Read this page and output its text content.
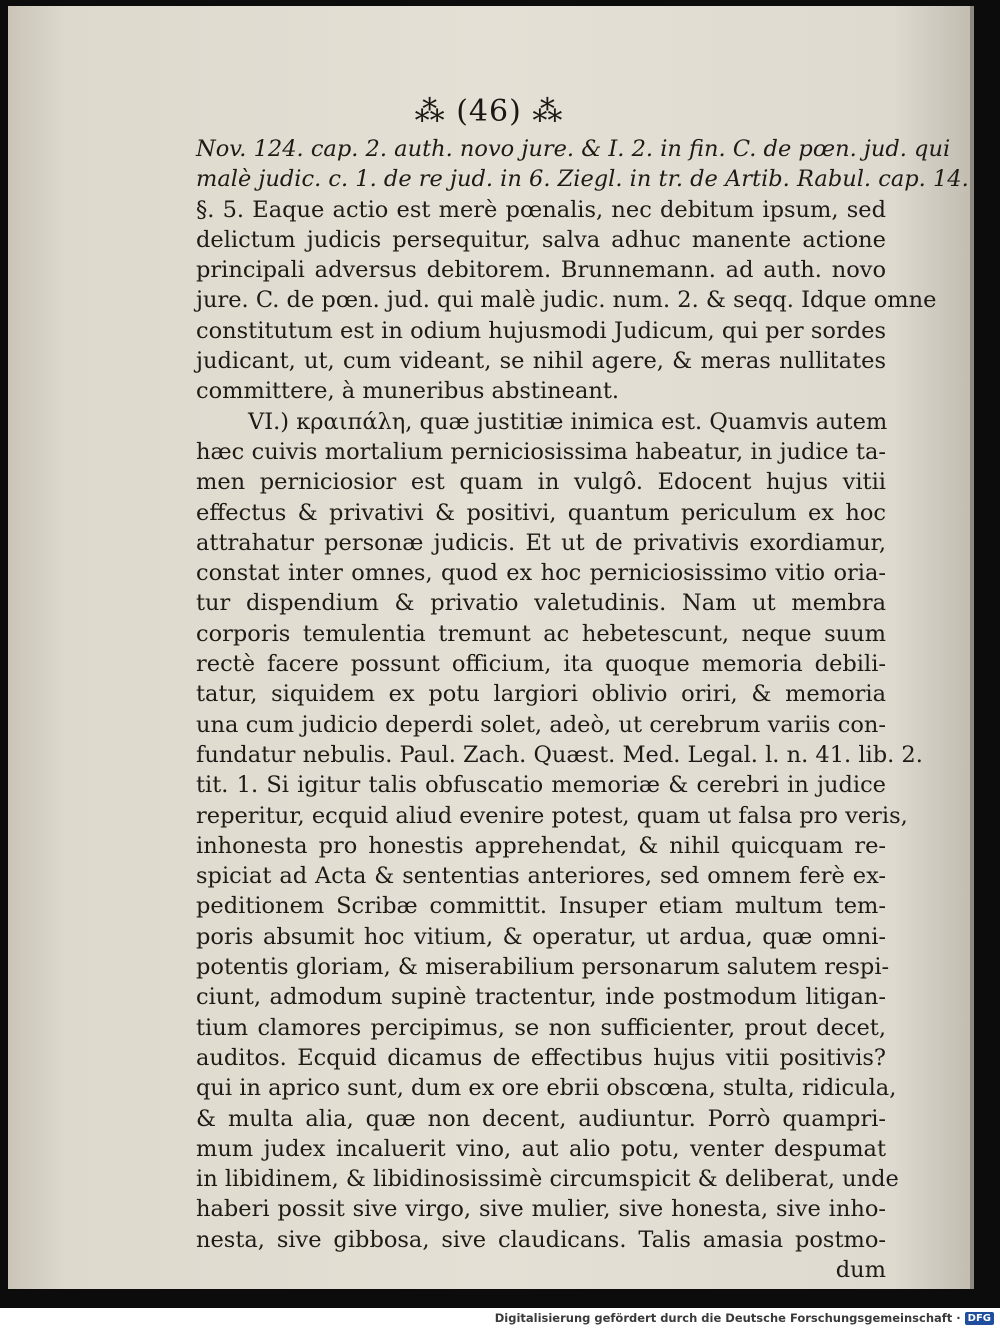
⁂ (46) ⁂
Nov. 124. cap. 2. auth. novo jure. & I. 2. in fin. C. de pœn. jud. qui
malè judic. c. 1. de re jud. in 6. Ziegl. in tr. de Artib. Rabul. cap. 14.
§. 5. Eaque actio est merè pœnalis, nec debitum ipsum, sed
delictum judicis persequitur, salva adhuc manente actione
principali adversus debitorem. Brunnemann. ad auth. novo
jure. C. de pœn. jud. qui malè judic. num. 2. & seqq. Idque omne
constitutum est in odium hujusmodi Judicum, qui per sordes
judicant, ut, cum videant, se nihil agere, & meras nullitates
committere, à muneribus abstineant.
VI.) κραιπάλη, quæ justitiæ inimica est. Quamvis autem
hæc cuivis mortalium perniciosissima habeatur, in judice ta-
men perniciosior est quam in vulgô. Edocent hujus vitii
effectus & privativi & positivi, quantum periculum ex hoc
attrahatur personæ judicis. Et ut de privativis exordiamur,
constat inter omnes, quod ex hoc perniciosissimo vitio oria-
tur dispendium & privatio valetudinis. Nam ut membra
corporis temulentia tremunt ac hebetescunt, neque suum
rectè facere possunt officium, ita quoque memoria debili-
tatur, siquidem ex potu largiori oblivio oriri, & memoria
una cum judicio deperdi solet, adeò, ut cerebrum variis con-
fundatur nebulis. Paul. Zach. Quæst. Med. Legal. l. n. 41. lib. 2.
tit. 1. Si igitur talis obfuscatio memoriæ & cerebri in judice
reperitur, ecquid aliud evenire potest, quam ut falsa pro veris,
inhonesta pro honestis apprehendat, & nihil quicquam re-
spiciat ad Acta & sententias anteriores, sed omnem ferè ex-
peditionem Scribæ committit. Insuper etiam multum tem-
poris absumit hoc vitium, & operatur, ut ardua, quæ omni-
potentis gloriam, & miserabilium personarum salutem respi-
ciunt, admodum supinè tractentur, inde postmodum litigan-
tium clamores percipimus, se non sufficienter, prout decet,
auditos. Ecquid dicamus de effectibus hujus vitii positivis?
qui in aprico sunt, dum ex ore ebrii obscœna, stulta, ridicula,
& multa alia, quæ non decent, audiuntur. Porrò quampri-
mum judex incaluerit vino, aut alio potu, venter despumat
in libidinem, & libidinosissimè circumspicit & deliberat, unde
haberi possit sive virgo, sive mulier, sive honesta, sive inho-
nesta, sive gibbosa, sive claudicans. Talis amasia postmo-
dum
Digitalisierung gefördert durch die Deutsche Forschungsgemeinschaft · DFG
